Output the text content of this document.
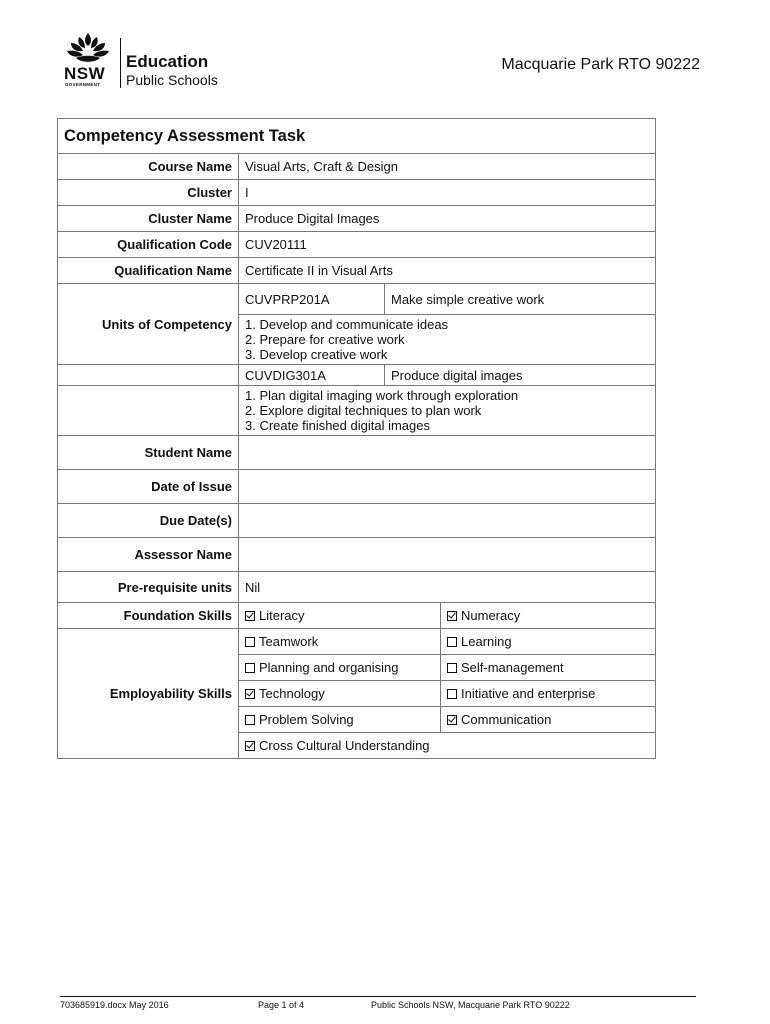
NSW
GOVERNMENT
Education
Public Schools
Macquarie Park RTO 90222
Competency Assessment Task			
Course Name	Visual Arts, Craft & Design		
Cluster	I		
Cluster Name	Produce Digital Images		
Qualification Code	CUV20111		
Qualification Name	Certificate II in Visual Arts		
Units of Competency	CUVPRP201A	Make simple creative work	

	1. Develop and communicate ideas
2. Prepare for creative work
3. Develop creative work		

	CUVDIG301A	Produce digital images	

	1. Plan digital imaging work through exploration
2. Explore digital techniques to plan work
3. Create finished digital images		

Student Name			
Date of Issue			
Due Date(s)			
Assessor Name			
Pre-requisite units	Nil		
Foundation Skills	Literacy		Numeracy
Employability Skills	Teamwork		Learning
	Planning and organising		Self-management
	Technology		Initiative and enterprise
	Problem Solving		Communication
	Cross Cultural Understanding		
703685919.docx May 2016	Page 1 of 4	Public Schools NSW, Macquarie Park RTO 90222
